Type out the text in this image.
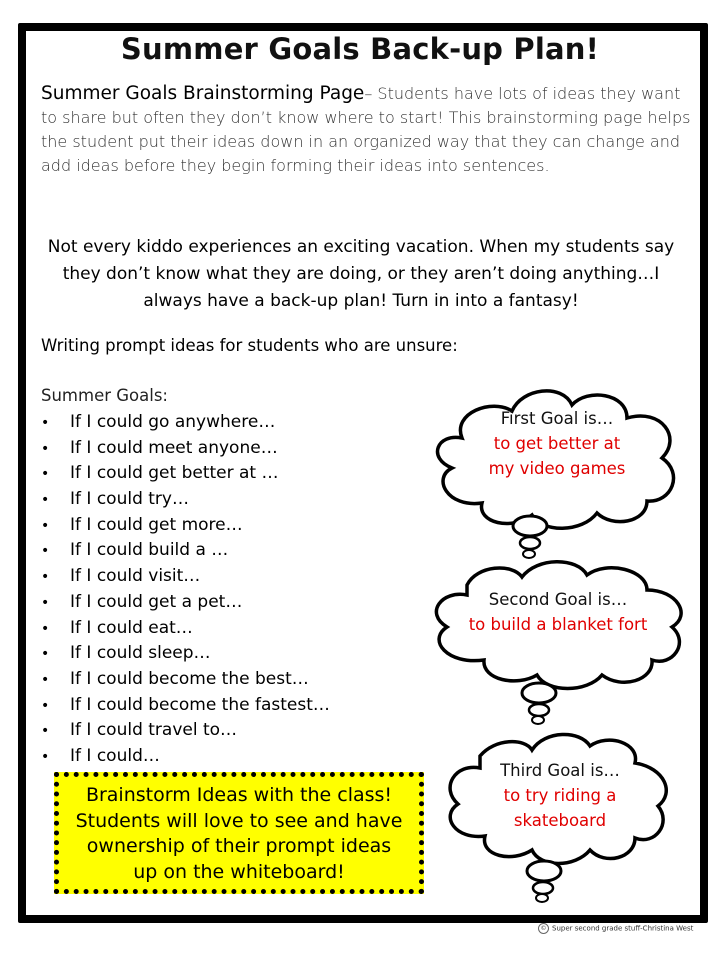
Summer Goals Back-up Plan!
Summer Goals Brainstorming Page– Students have lots of ideas they want to share but often they don’t know where to start! This brainstorming page helps the student put their ideas down in an organized way that they can change and add ideas before they begin forming their ideas into sentences.
Not every kiddo experiences an exciting vacation. When my students say they don’t know what they are doing, or they aren’t doing anything…I always have a back-up plan! Turn in into a fantasy!
Writing prompt ideas for students who are unsure:
Summer Goals:
• If I could go anywhere…
• If I could meet anyone…
• If I could get better at …
• If I could try…
• If I could get more…
• If I could build a …
• If I could visit…
• If I could get a pet…
• If I could eat…
• If I could sleep…
• If I could become the best…
• If I could become the fastest…
• If I could travel to…
• If I could…
Brainstorm Ideas with the class!
Students will love to see and have
ownership of their prompt ideas
up on the whiteboard!
First Goal is…
to get better at
my video games
Second Goal is…
to build a blanket fort
Third Goal is…
to try riding a
skateboard
© Super second grade stuff-Christina West
